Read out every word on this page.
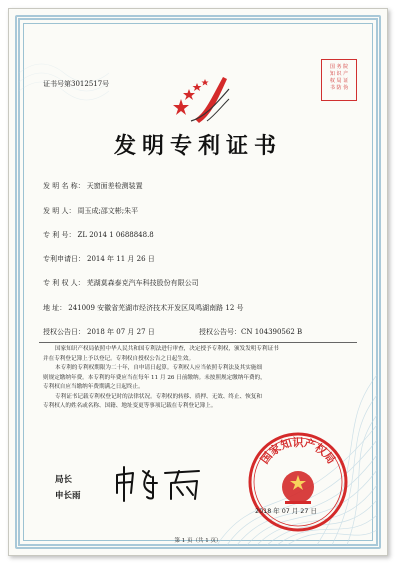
证书号第3012517号
国 务 院
知 识 产
权 局 证
书 防 伪
发明专利证书
发 明 名 称： 天窗面差检测装置
发 明 人： 周玉成;邵文彬;朱平
专 利 号： ZL 2014 1 0688848.8
专利申请日： 2014 年 11 月 26 日
专 利 权 人： 芜湖莫森泰克汽车科技股份有限公司
地 址： 241009 安徽省芜湖市经济技术开发区凤鸣湖南路 12 号
授权公告日： 2018 年 07 月 27 日	授权公告号：CN 104390562 B

国家知识产权局依照中华人民共和国专利法进行审查，决定授予专利权，颁发发明专利证书

并在专利登记簿上予以登记。专利权自授权公告之日起生效。

本专利的专利权期限为二十年，自申请日起算。专利权人应当依照专利法及其实施细

则规定缴纳年费。本专利的年费应当在每年 11 月 26 日前缴纳。未按照规定缴纳年费的，

专利权自应当缴纳年费期满之日起终止。

专利证书记载专利权登记时的法律状况。专利权的转移、质押、无效、终止、恢复和

专利权人的姓名或名称、国籍、地址变更等事项记载在专利登记簿上。

局长
申长雨
国家知识产权局
2018 年 07 月 27 日
第 1 页（共 1 页）
